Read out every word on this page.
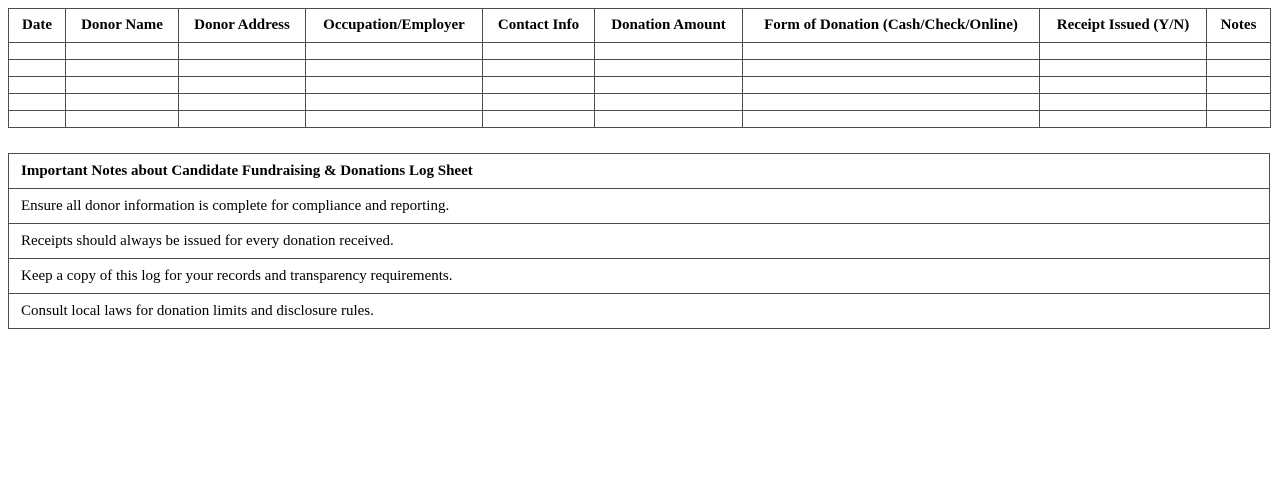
Date	Donor Name	Donor Address	Occupation/Employer	Contact Info	Donation Amount	Form of Donation (Cash/Check/Online)	Receipt Issued (Y/N)	Notes

Important Notes about Candidate Fundraising & Donations Log Sheet
Ensure all donor information is complete for compliance and reporting.
Receipts should always be issued for every donation received.
Keep a copy of this log for your records and transparency requirements.
Consult local laws for donation limits and disclosure rules.
